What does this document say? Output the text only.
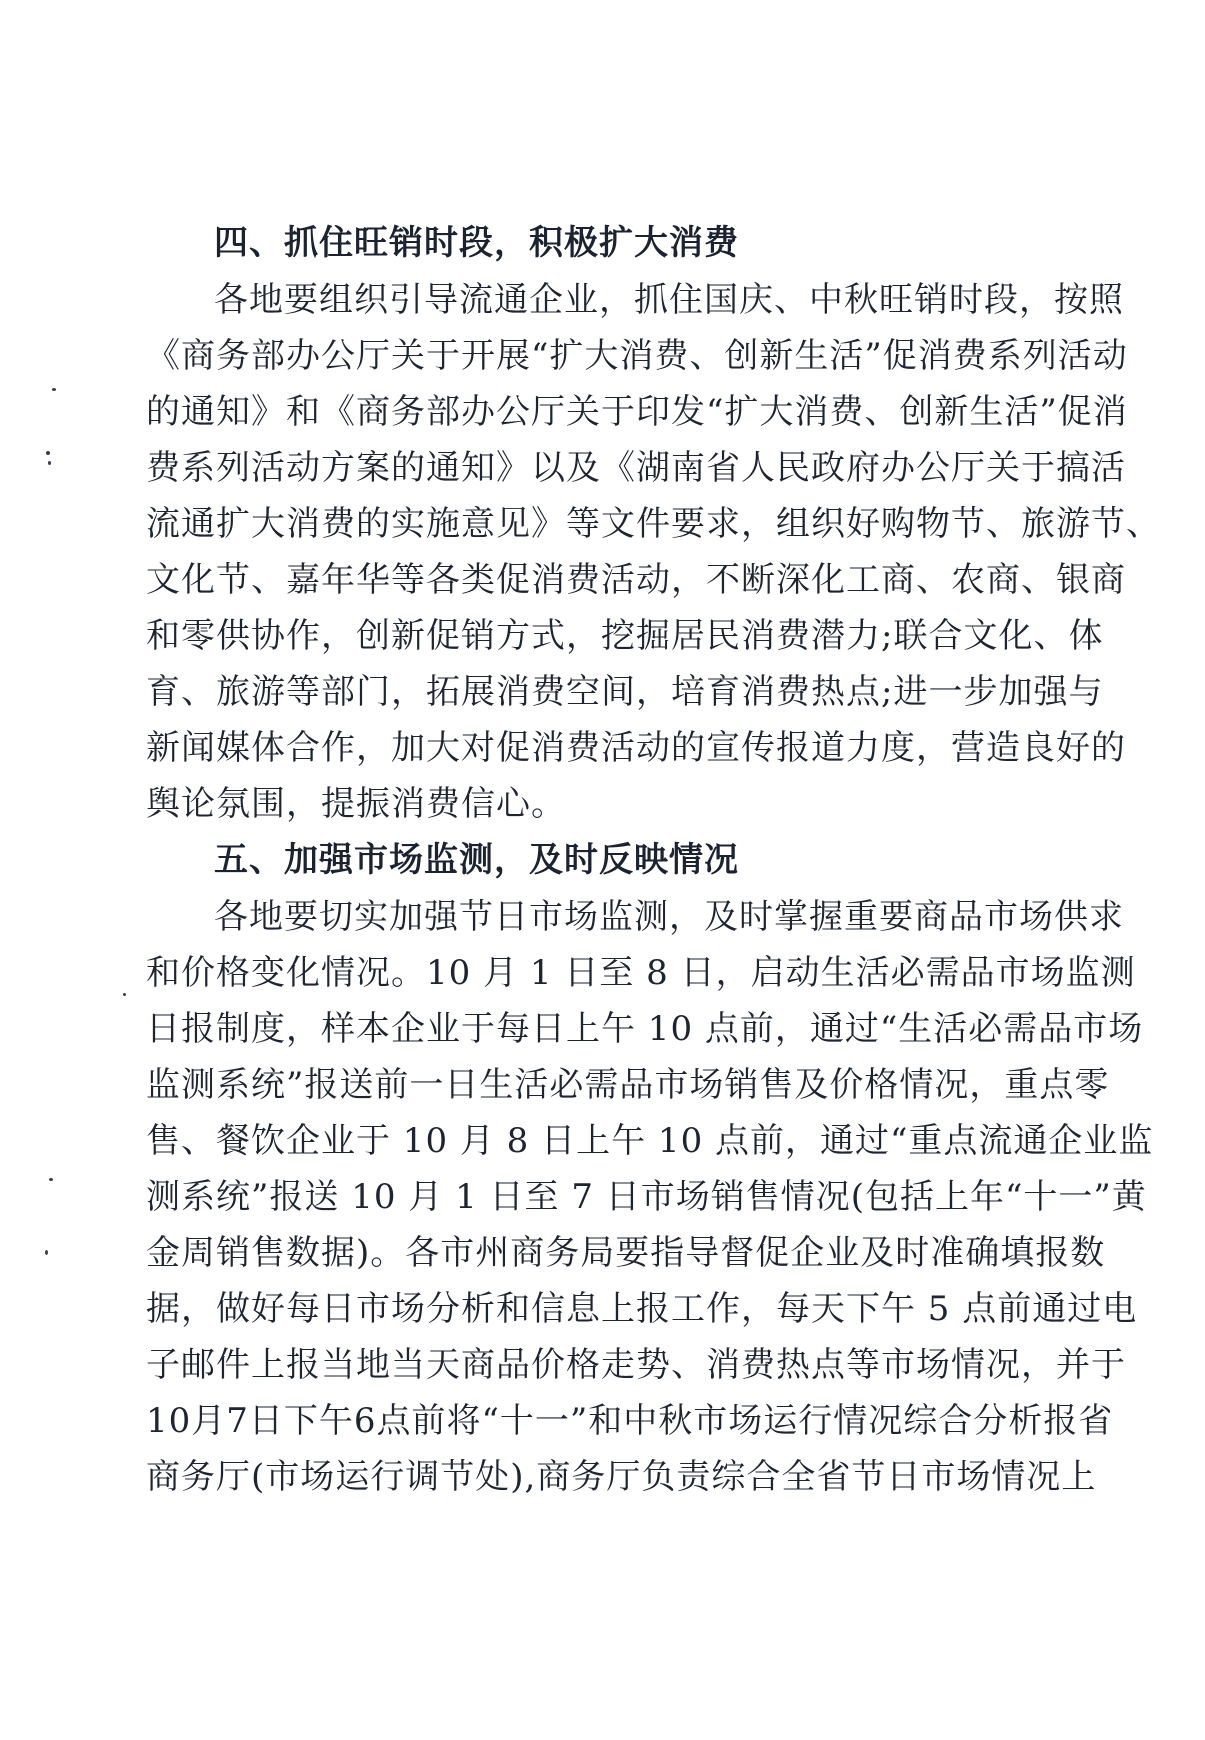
四、抓住旺销时段，积极扩大消费
各地要组织引导流通企业，抓住国庆、中秋旺销时段，按照
《商务部办公厅关于开展“扩大消费、创新生活”促消费系列活动
的通知》和《商务部办公厅关于印发“扩大消费、创新生活”促消
费系列活动方案的通知》以及《湖南省人民政府办公厅关于搞活
流通扩大消费的实施意见》等文件要求，组织好购物节、旅游节、
文化节、嘉年华等各类促消费活动，不断深化工商、农商、银商
和零供协作，创新促销方式，挖掘居民消费潜力;联合文化、体
育、旅游等部门，拓展消费空间，培育消费热点;进一步加强与
新闻媒体合作，加大对促消费活动的宣传报道力度，营造良好的
舆论氛围，提振消费信心。
五、加强市场监测，及时反映情况
各地要切实加强节日市场监测，及时掌握重要商品市场供求
和价格变化情况。10 月 1 日至 8 日，启动生活必需品市场监测
日报制度，样本企业于每日上午 10 点前，通过“生活必需品市场
监测系统”报送前一日生活必需品市场销售及价格情况，重点零
售、餐饮企业于 10 月 8 日上午 10 点前，通过“重点流通企业监
测系统”报送 10 月 1 日至 7 日市场销售情况(包括上年“十一”黄
金周销售数据)。各市州商务局要指导督促企业及时准确填报数
据，做好每日市场分析和信息上报工作，每天下午 5 点前通过电
子邮件上报当地当天商品价格走势、消费热点等市场情况，并于
10月7日下午6点前将“十一”和中秋市场运行情况综合分析报省
商务厅(市场运行调节处),商务厅负责综合全省节日市场情况上
